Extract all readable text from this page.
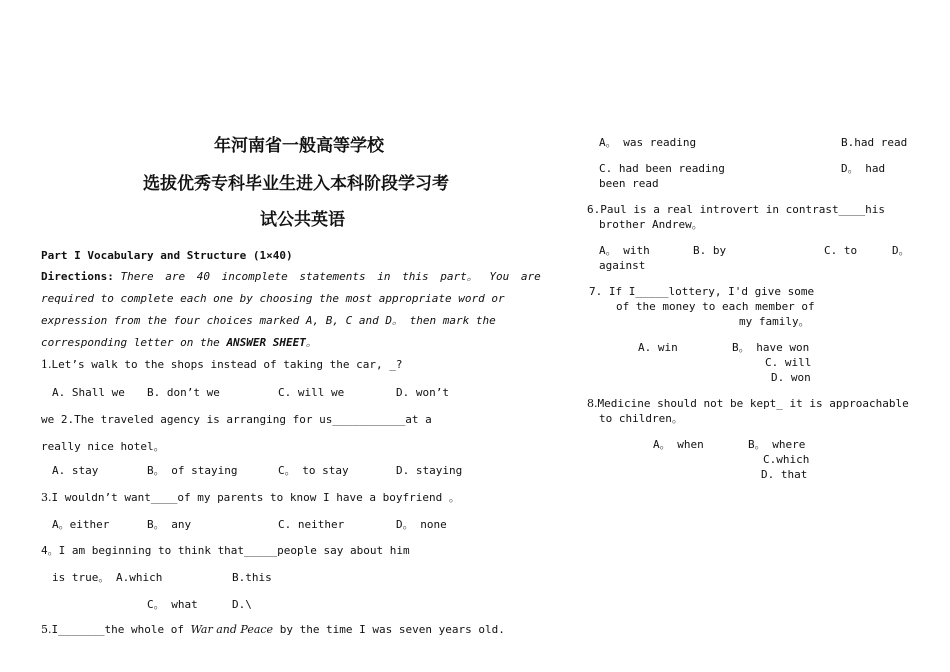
年河南省一般高等学校
选拔优秀专科毕业生进入本科阶段学习考
试公共英语
Part I Vocabulary and Structure (1×40)
Directions: There are 40 incomplete statements in this part。 You are
required to complete each one by choosing the most appropriate word or
expression from the four choices marked A, B, C and D。 then mark the
corresponding letter on the ANSWER SHEET。
1.Let’s walk to the shops instead of taking the car, _?
A. Shall we B. don’t we	C. will we	D. won’t
we 2.The traveled agency is arranging for us___________at a
really nice hotel。
A. stay	B。 of staying	C。 to stay	D. staying
3.I wouldn’t want____of my parents to know I have a boyfriend 。
A。either	B。 any	C. neither	D。 none
4。I am beginning to think that_____people say about him
is true。 A.which	B.this
C。 what	D.\
5.I_______the whole of War and Peace by the time I was seven years old.
A。 was reading	B.had read
C. had been reading	D。 had
been read
6.Paul is a real introvert in contrast____his
brother Andrew。
A。 with	B. by	C. to	D。
against
7. If I_____lottery, I'd give some
of the money to each member of
my family。
A. win	B。 have won
C. will
D. won
8.Medicine should not be kept_ it is approachable
to children。
A。 when	B。 where
C.which
D. that
